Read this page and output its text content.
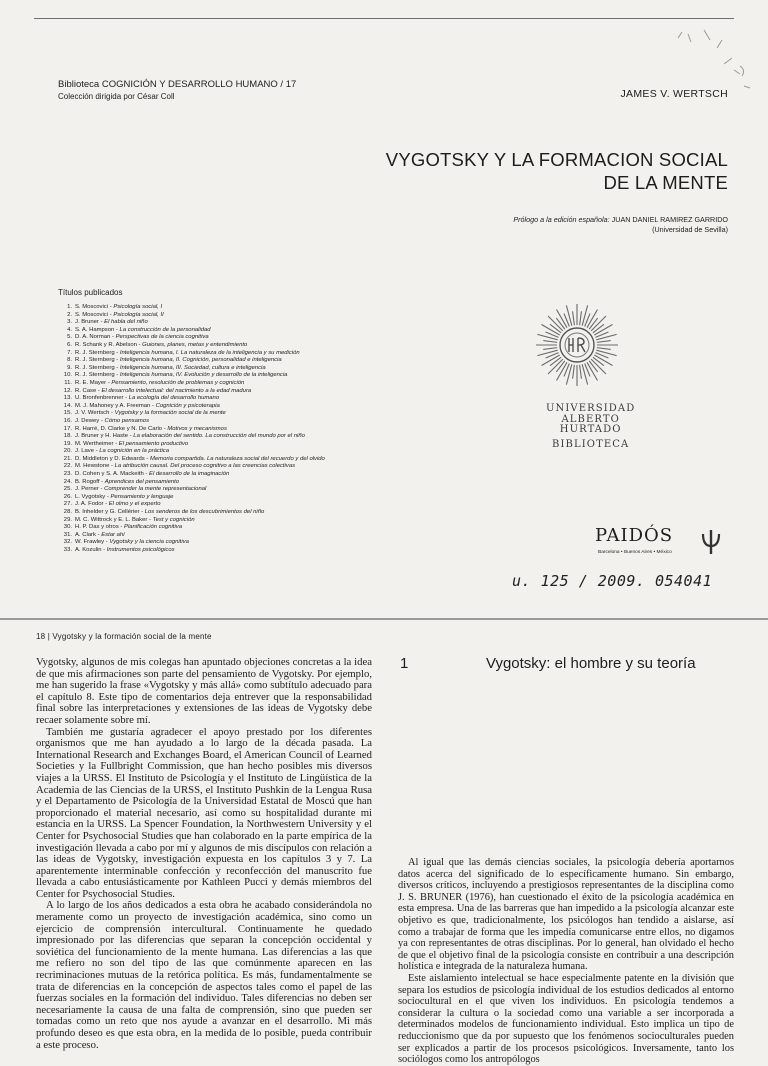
Biblioteca COGNICIÓN Y DESARROLLO HUMANO / 17
Colección dirigida por César Coll	JAMES V. WERTSCH
VYGOTSKY Y LA FORMACION SOCIAL
DE LA MENTE
Prólogo a la edición española: JUAN DANIEL RAMIREZ GARRIDO
(Universidad de Sevilla)
Títulos publicados
1. S. Moscovici - Psicología social, I
2. S. Moscovici - Psicología social, II
3. J. Bruner - El habla del niño
4. S. A. Hampson - La construcción de la personalidad
5. D. A. Norman - Perspectivas de la ciencia cognitiva
6. R. Schank y R. Abelson - Guiones, planes, metas y entendimiento
7. R. J. Sternberg - Inteligencia humana, I. La naturaleza de la inteligencia y su medición
8. R. J. Sternberg - Inteligencia humana, II. Cognición, personalidad e inteligencia
9. R. J. Sternberg - Inteligencia humana, III. Sociedad, cultura e inteligencia
10. R. J. Sternberg - Inteligencia humana, IV. Evolución y desarrollo de la inteligencia
11. R. E. Mayer - Pensamiento, resolución de problemas y cognición
12. R. Case - El desarrollo intelectual: del nacimiento a la edad madura
13. U. Bronfenbrenner - La ecología del desarrollo humano
14. M. J. Mahoney y A. Freeman - Cognición y psicoterapia
15. J. V. Wertsch - Vygotsky y la formación social de la mente
16. J. Dewey - Cómo pensamos
17. R. Harré, D. Clarke y N. De Carlo - Motivos y mecanismos
18. J. Bruner y H. Haste - La elaboración del sentido. La construcción del mundo por el niño
19. M. Wertheimer - El pensamiento productivo
20. J. Lave - La cognición en la práctica
21. D. Middleton y D. Edwards - Memoria compartida. La naturaleza social del recuerdo y del olvido
22. M. Hewstone - La atribución causal. Del proceso cognitivo a las creencias colectivas
23. D. Cohen y S. A. Mackeith - El desarrollo de la imaginación
24. B. Rogoff - Aprendices del pensamiento
25. J. Perner - Comprender la mente representacional
26. L. Vygotsky - Pensamiento y lenguaje
27. J. A. Fodor - El olmo y el experto
28. B. Inhelder y G. Cellérier - Los senderos de los descubrimientos del niño
29. M. C. Wittrock y E. L. Baker - Test y cognición
30. H. P. Das y otros - Planificación cognitiva
31. A. Clark - Estar ahí
32. W. Frawley - Vygotsky y la ciencia cognitiva
33. A. Kozulin - Instrumentos psicológicos
UNIVERSIDAD
ALBERTO
HURTADO
BIBLIOTECA
PAIDÓS
Barcelona • Buenos Aires • México
u. 125 / 2009. 054041
18 | Vygotsky y la formación social de la mente

Vygotsky, algunos de mis colegas han apuntado objeciones concretas a la idea de que mis afirmaciones son parte del pensamiento de Vygotsky. Por ejemplo, me han sugerido la frase «Vygotsky y más allá» como subtítulo adecuado para el capítulo 8. Este tipo de comentarios deja entrever que la responsabilidad final sobre las interpretaciones y extensiones de las ideas de Vygotsky debe recaer solamente sobre mí.

También me gustaría agradecer el apoyo prestado por los diferentes organismos que me han ayudado a lo largo de la década pasada. La International Research and Exchanges Board, el American Council of Learned Societies y la Fullbright Commission, que han hecho posibles mis diversos viajes a la URSS. El Instituto de Psicología y el Instituto de Lingüística de la Academia de las Ciencias de la URSS, el Instituto Pushkin de la Lengua Rusa y el Departamento de Psicología de la Universidad Estatal de Moscú que han proporcionado el material necesario, así como su hospitalidad durante mi estancia en la URSS. La Spencer Foundation, la Northwestern University y el Center for Psychosocial Studies que han colaborado en la parte empírica de la investigación llevada a cabo por mí y algunos de mis discípulos con relación a las ideas de Vygotsky, investigación expuesta en los capítulos 3 y 7. La aparentemente interminable confección y reconfección del manuscrito fue llevada a cabo entusiásticamente por Kathleen Pucci y demás miembros del Center for Psychosocial Studies.

A lo largo de los años dedicados a esta obra he acabado considerándola no meramente como un proyecto de investigación académica, sino como un ejercicio de comprensión intercultural. Continuamente he quedado impresionado por las diferencias que separan la concepción occidental y soviética del funcionamiento de la mente humana. Las diferencias a las que me refiero no son del tipo de las que comúnmente aparecen en las recriminaciones mutuas de la retórica política. Es más, fundamentalmente se trata de diferencias en la concepción de aspectos tales como el papel de las fuerzas sociales en la formación del individuo. Tales diferencias no deben ser necesariamente la causa de una falta de comprensión, sino que pueden ser tomadas como un reto que nos ayude a avanzar en el desarrollo. Mi más profundo deseo es que esta obra, en la medida de lo posible, pueda contribuir a este proceso.

1	Vygotsky: el hombre y su teoría

Al igual que las demás ciencias sociales, la psicología debería aportarnos datos acerca del significado de lo específicamente humano. Sin embargo, diversos críticos, incluyendo a prestigiosos representantes de la disciplina como J. S. BRUNER (1976), han cuestionado el éxito de la psicología académica en esta empresa. Una de las barreras que han impedido a la psicología alcanzar este objetivo es que, tradicionalmente, los psicólogos han tendido a aislarse, así como a trabajar de forma que les impedía comunicarse entre ellos, no digamos ya con representantes de otras disciplinas. Por lo general, han olvidado el hecho de que el objetivo final de la psicología consiste en contribuir a una descripción holística e integrada de la naturaleza humana.

Este aislamiento intelectual se hace especialmente patente en la división que separa los estudios de psicología individual de los estudios dedicados al entorno sociocultural en el que viven los individuos. En psicología tendemos a considerar la cultura o la sociedad como una variable a ser incorporada a determinados modelos de funcionamiento individual. Esto implica un tipo de reduccionismo que da por supuesto que los fenómenos socioculturales pueden ser explicados a partir de los procesos psicológicos. Inversamente, tanto los sociólogos como los antropólogos
